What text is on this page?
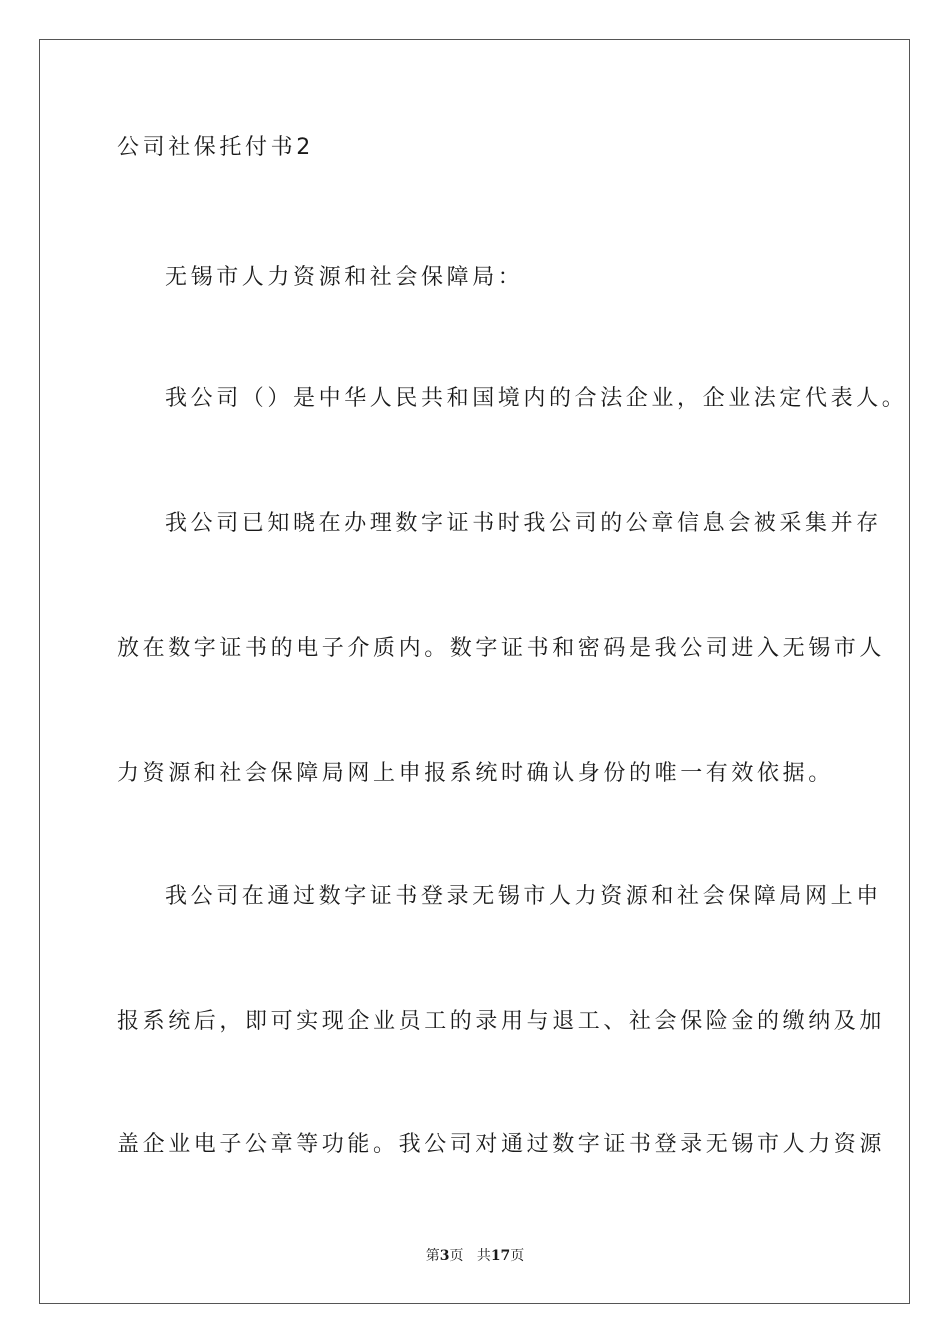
公司社保托付书2

无锡市人力资源和社会保障局：

我公司（）是中华人民共和国境内的合法企业，企业法定代表人。

我公司已知晓在办理数字证书时我公司的公章信息会被采集并存

放在数字证书的电子介质内。数字证书和密码是我公司进入无锡市人

力资源和社会保障局网上申报系统时确认身份的唯一有效依据。

我公司在通过数字证书登录无锡市人力资源和社会保障局网上申

报系统后，即可实现企业员工的录用与退工、社会保险金的缴纳及加

盖企业电子公章等功能。我公司对通过数字证书登录无锡市人力资源

第3页 共17页
